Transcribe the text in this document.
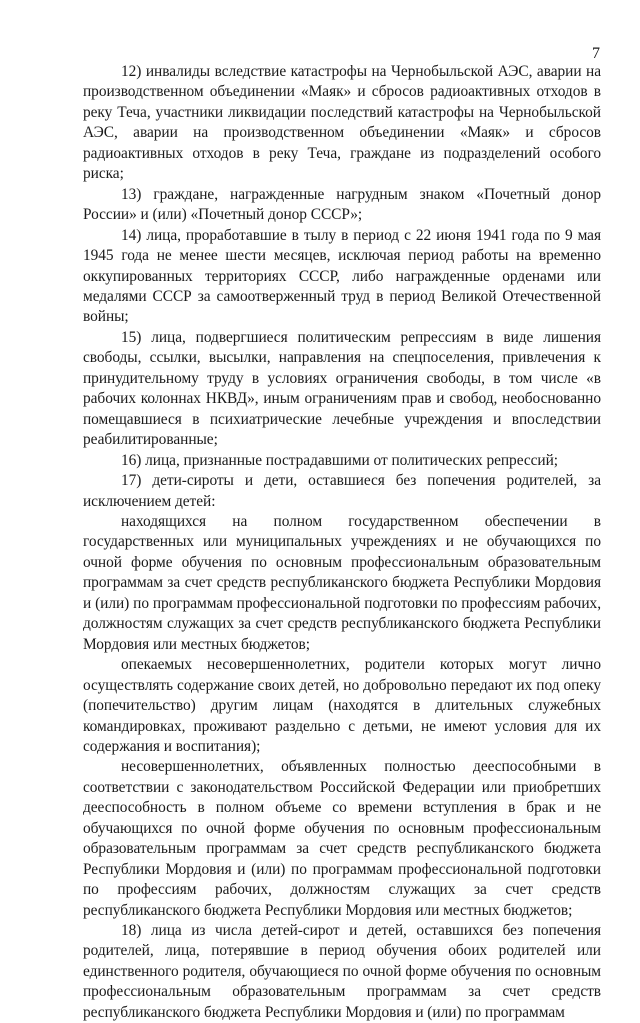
7

12) инвалиды вследствие катастрофы на Чернобыльской АЭС, аварии на производственном объединении «Маяк» и сбросов радиоактивных отходов в реку Теча, участники ликвидации последствий катастрофы на Чернобыльской АЭС, аварии на производственном объединении «Маяк» и сбросов радиоактивных отходов в реку Теча, граждане из подразделений особого риска;

13) граждане, награжденные нагрудным знаком «Почетный донор России» и (или) «Почетный донор СССР»;

14) лица, проработавшие в тылу в период с 22 июня 1941 года по 9 мая 1945 года не менее шести месяцев, исключая период работы на временно оккупированных территориях СССР, либо награжденные орденами или медалями СССР за самоотверженный труд в период Великой Отечественной войны;

15) лица, подвергшиеся политическим репрессиям в виде лишения свободы, ссылки, высылки, направления на спецпоселения, привлечения к принудительному труду в условиях ограничения свободы, в том числе «в рабочих колоннах НКВД», иным ограничениям прав и свобод, необоснованно помещавшиеся в психиатрические лечебные учреждения и впоследствии реабилитированные;

16) лица, признанные пострадавшими от политических репрессий;

17) дети-сироты и дети, оставшиеся без попечения родителей, за исключением детей:

находящихся на полном государственном обеспечении в государственных или муниципальных учреждениях и не обучающихся по очной форме обучения по основным профессиональным образовательным программам за счет средств республиканского бюджета Республики Мордовия и (или) по программам профессиональной подготовки по профессиям рабочих, должностям служащих за счет средств республиканского бюджета Республики Мордовия или местных бюджетов;

опекаемых несовершеннолетних, родители которых могут лично осуществлять содержание своих детей, но добровольно передают их под опеку (попечительство) другим лицам (находятся в длительных служебных командировках, проживают раздельно с детьми, не имеют условия для их содержания и воспитания);

несовершеннолетних, объявленных полностью дееспособными в соответствии с законодательством Российской Федерации или приобретших дееспособность в полном объеме со времени вступления в брак и не обучающихся по очной форме обучения по основным профессиональным образовательным программам за счет средств республиканского бюджета Республики Мордовия и (или) по программам профессиональной подготовки по профессиям рабочих, должностям служащих за счет средств республиканского бюджета Республики Мордовия или местных бюджетов;

18) лица из числа детей-сирот и детей, оставшихся без попечения родителей, лица, потерявшие в период обучения обоих родителей или единственного родителя, обучающиеся по очной форме обучения по основным профессиональным образовательным программам за счет средств республиканского бюджета Республики Мордовия и (или) по программам
